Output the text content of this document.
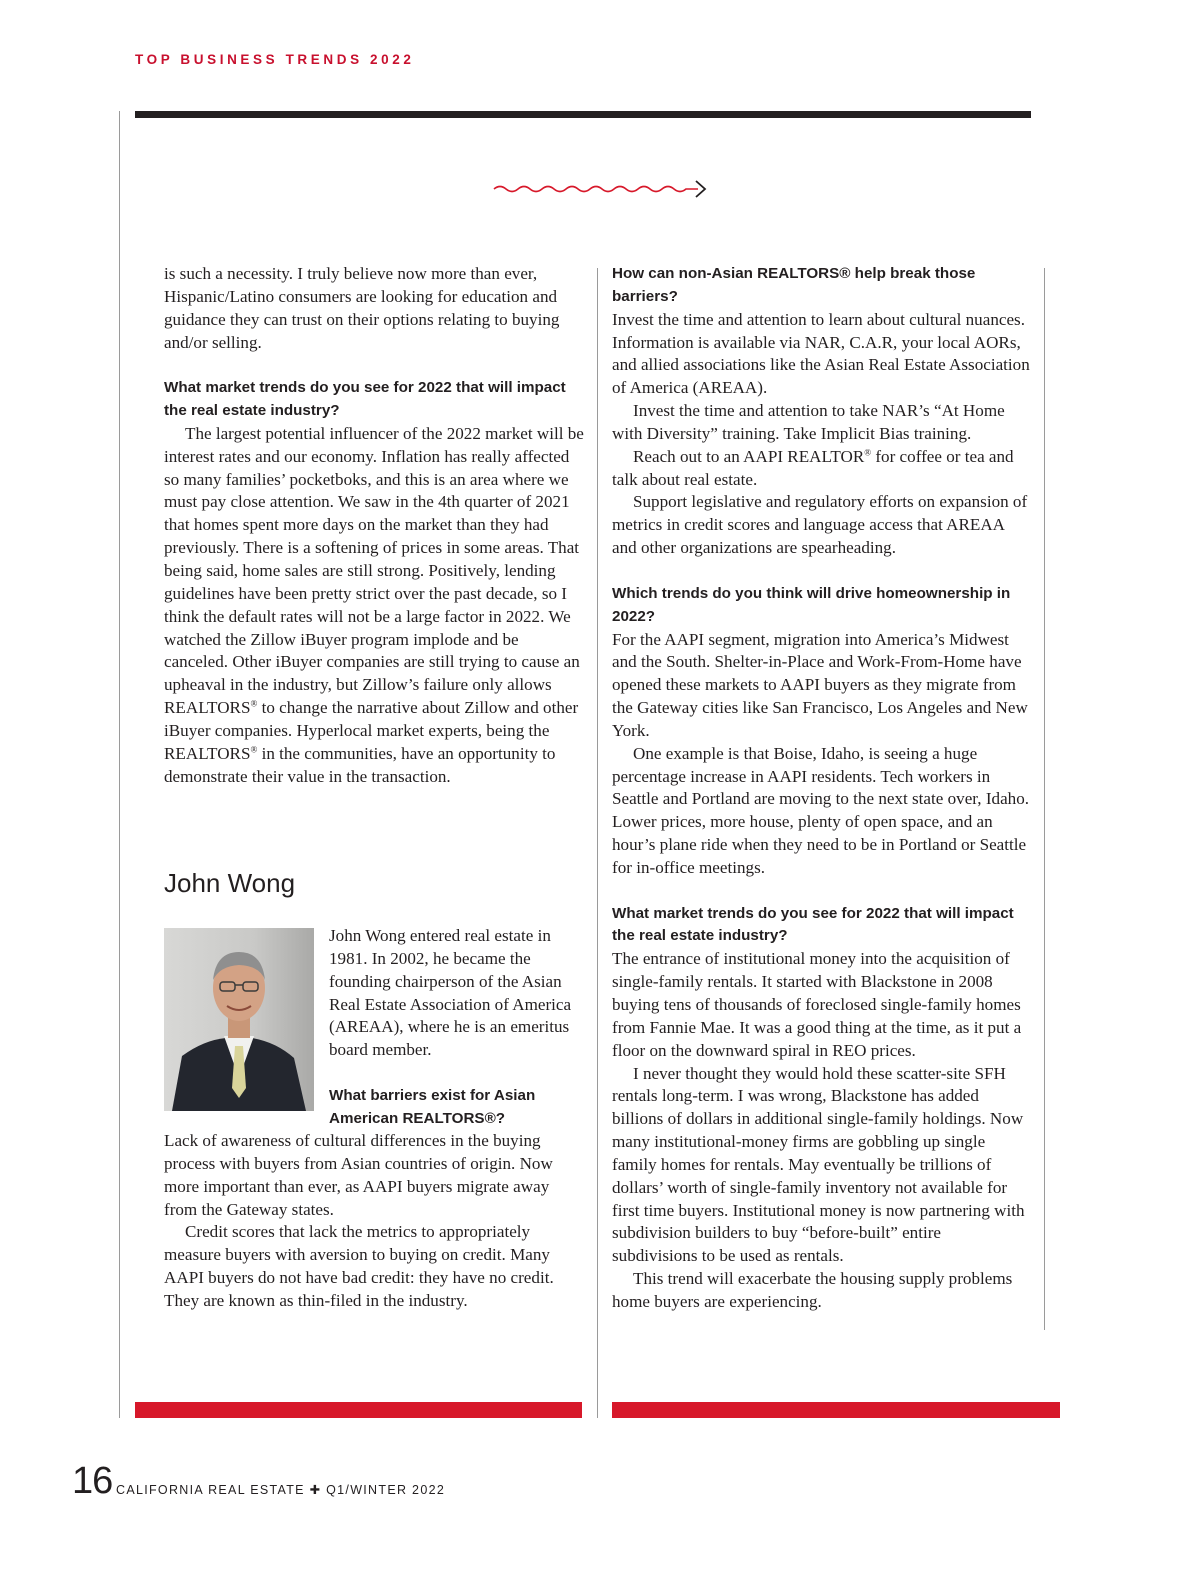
TOP BUSINESS TRENDS 2022

is such a necessity. I truly believe now more than ever, Hispanic/Latino consumers are looking for education and guidance they can trust on their options relating to buying and/or selling.

What market trends do you see for 2022 that will impact the real estate industry?

The largest potential influencer of the 2022 market will be interest rates and our economy. Inflation has really affected so many families’ pocketboks, and this is an area where we must pay close attention. We saw in the 4th quarter of 2021 that homes spent more days on the market than they had previously. There is a softening of prices in some areas. That being said, home sales are still strong. Positively, lending guidelines have been pretty strict over the past decade, so I think the default rates will not be a large factor in 2022. We watched the Zillow iBuyer program implode and be canceled. Other iBuyer companies are still trying to cause an upheaval in the industry, but Zillow’s failure only allows REALTORS® to change the narrative about Zillow and other iBuyer companies. Hyperlocal market experts, being the REALTORS® in the communities, have an opportunity to demonstrate their value in the transaction.

John Wong

John Wong entered real estate in 1981. In 2002, he became the founding chairperson of the Asian Real Estate Association of America (AREAA), where he is an emeritus board member.

What barriers exist for Asian American REALTORS®?

Lack of awareness of cultural differences in the buying process with buyers from Asian countries of origin. Now more important than ever, as AAPI buyers migrate away from the Gateway states.

Credit scores that lack the metrics to appropriately measure buyers with aversion to buying on credit. Many AAPI buyers do not have bad credit: they have no credit. They are known as thin-filed in the industry.

How can non-Asian REALTORS® help break those barriers?

Invest the time and attention to learn about cultural nuances. Information is available via NAR, C.A.R, your local AORs, and allied associations like the Asian Real Estate Association of America (AREAA).

Invest the time and attention to take NAR’s “At Home with Diversity” training. Take Implicit Bias training.

Reach out to an AAPI REALTOR® for coffee or tea and talk about real estate.

Support legislative and regulatory efforts on expansion of metrics in credit scores and language access that AREAA and other organizations are spearheading.

Which trends do you think will drive homeownership in 2022?

For the AAPI segment, migration into America’s Midwest and the South. Shelter-in-Place and Work-From-Home have opened these markets to AAPI buyers as they migrate from the Gateway cities like San Francisco, Los Angeles and New York.

One example is that Boise, Idaho, is seeing a huge percentage increase in AAPI residents. Tech workers in Seattle and Portland are moving to the next state over, Idaho. Lower prices, more house, plenty of open space, and an hour’s plane ride when they need to be in Portland or Seattle for in-office meetings.

What market trends do you see for 2022 that will impact the real estate industry?

The entrance of institutional money into the acquisition of single-family rentals. It started with Blackstone in 2008 buying tens of thousands of foreclosed single-family homes from Fannie Mae. It was a good thing at the time, as it put a floor on the downward spiral in REO prices.

I never thought they would hold these scatter-site SFH rentals long-term. I was wrong, Blackstone has added billions of dollars in additional single-family holdings. Now many institutional-money firms are gobbling up single family homes for rentals. May eventually be trillions of dollars’ worth of single-family inventory not available for first time buyers. Institutional money is now partnering with subdivision builders to buy “before-built” entire subdivisions to be used as rentals.

This trend will exacerbate the housing supply problems home buyers are experiencing.

16 CALIFORNIA REAL ESTATE ✚ Q1/WINTER 2022
